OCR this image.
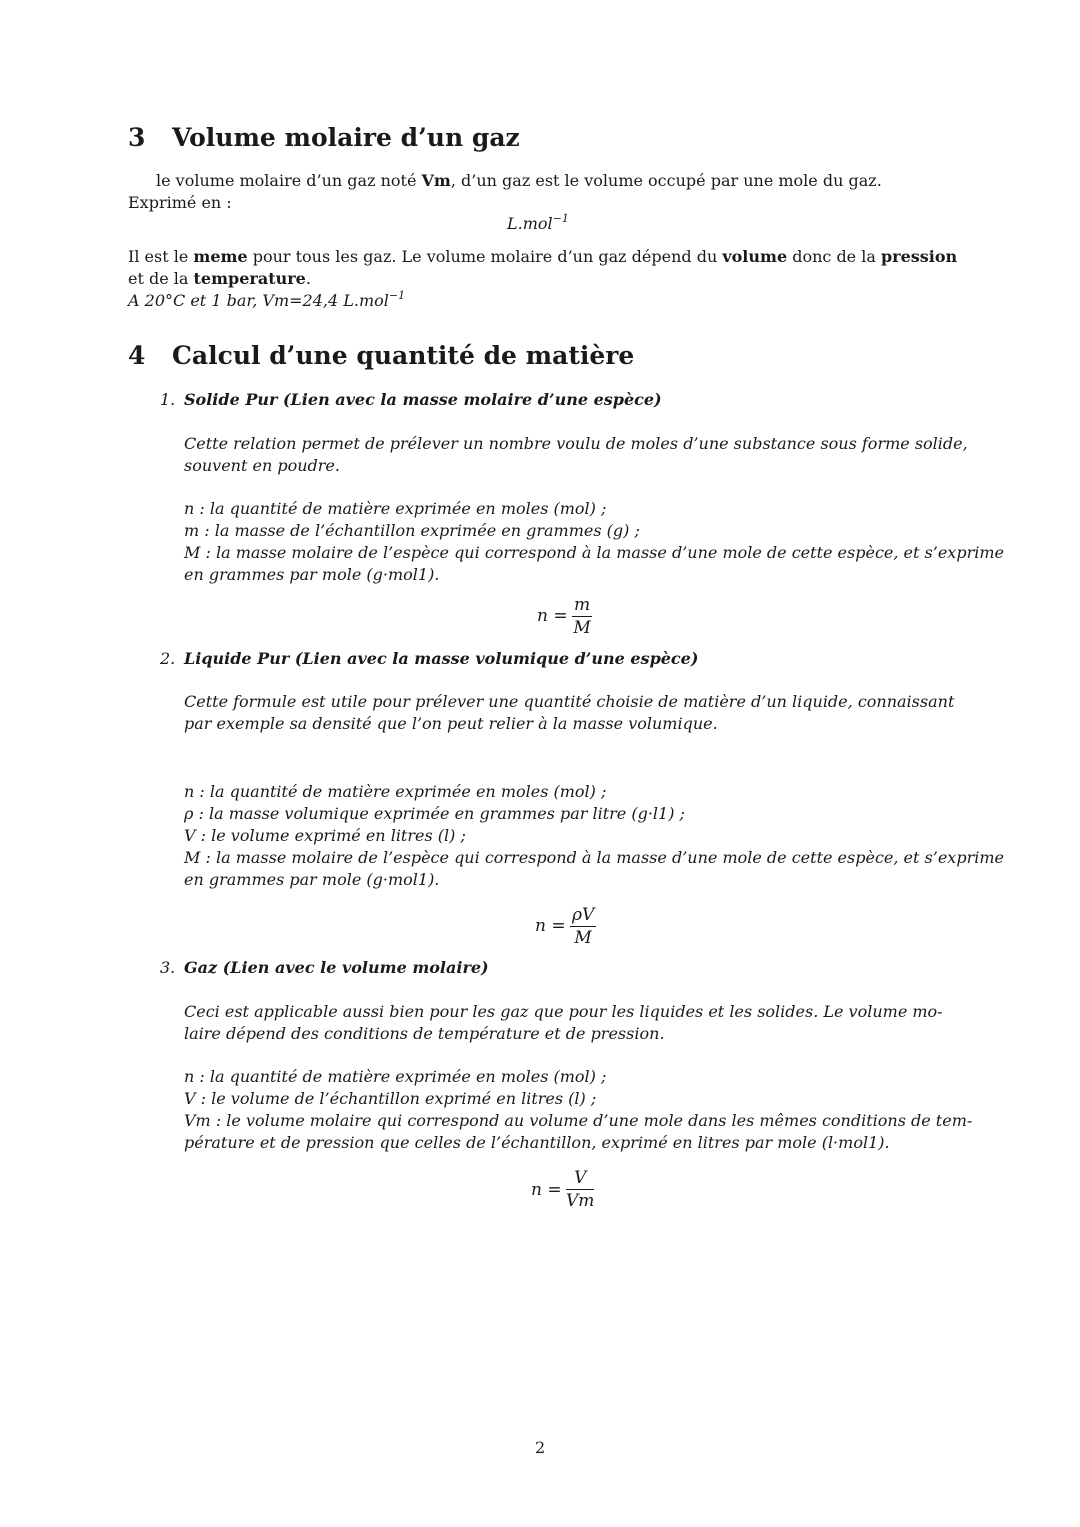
3 Volume molaire d’un gaz
le volume molaire d’un gaz noté Vm, d’un gaz est le volume occupé par une mole du gaz.
Exprimé en :
L.mol$^{-1}$
Il est le meme pour tous les gaz. Le volume molaire d’un gaz dépend du volume donc de la pression
et de la temperature.
A 20°C et 1 bar, Vm=24,4 L.mol$^{-1}$
4 Calcul d’une quantité de matière
1. Solide Pur (Lien avec la masse molaire d’une espèce)
Cette relation permet de prélever un nombre voulu de moles d’une substance sous forme solide,
souvent en poudre.
n : la quantité de matière exprimée en moles (mol) ;
m : la masse de l’échantillon exprimée en grammes (g) ;
M : la masse molaire de l’espèce qui correspond à la masse d’une mole de cette espèce, et s’exprime
en grammes par mole (g·mol1).
$n = \frac{m}{M}$
2. Liquide Pur (Lien avec la masse volumique d’une espèce)
Cette formule est utile pour prélever une quantité choisie de matière d’un liquide, connaissant
par exemple sa densité que l’on peut relier à la masse volumique.
n : la quantité de matière exprimée en moles (mol) ;
ρ : la masse volumique exprimée en grammes par litre (g·l1) ;
V : le volume exprimé en litres (l) ;
M : la masse molaire de l’espèce qui correspond à la masse d’une mole de cette espèce, et s’exprime
en grammes par mole (g·mol1).
$n = \frac{\rho V}{M}$
3. Gaz (Lien avec le volume molaire)
Ceci est applicable aussi bien pour les gaz que pour les liquides et les solides. Le volume mo-
laire dépend des conditions de température et de pression.
n : la quantité de matière exprimée en moles (mol) ;
V : le volume de l’échantillon exprimé en litres (l) ;
Vm : le volume molaire qui correspond au volume d’une mole dans les mêmes conditions de tem-
pérature et de pression que celles de l’échantillon, exprimé en litres par mole (l·mol1).
$n = \frac{V}{Vm}$
2
